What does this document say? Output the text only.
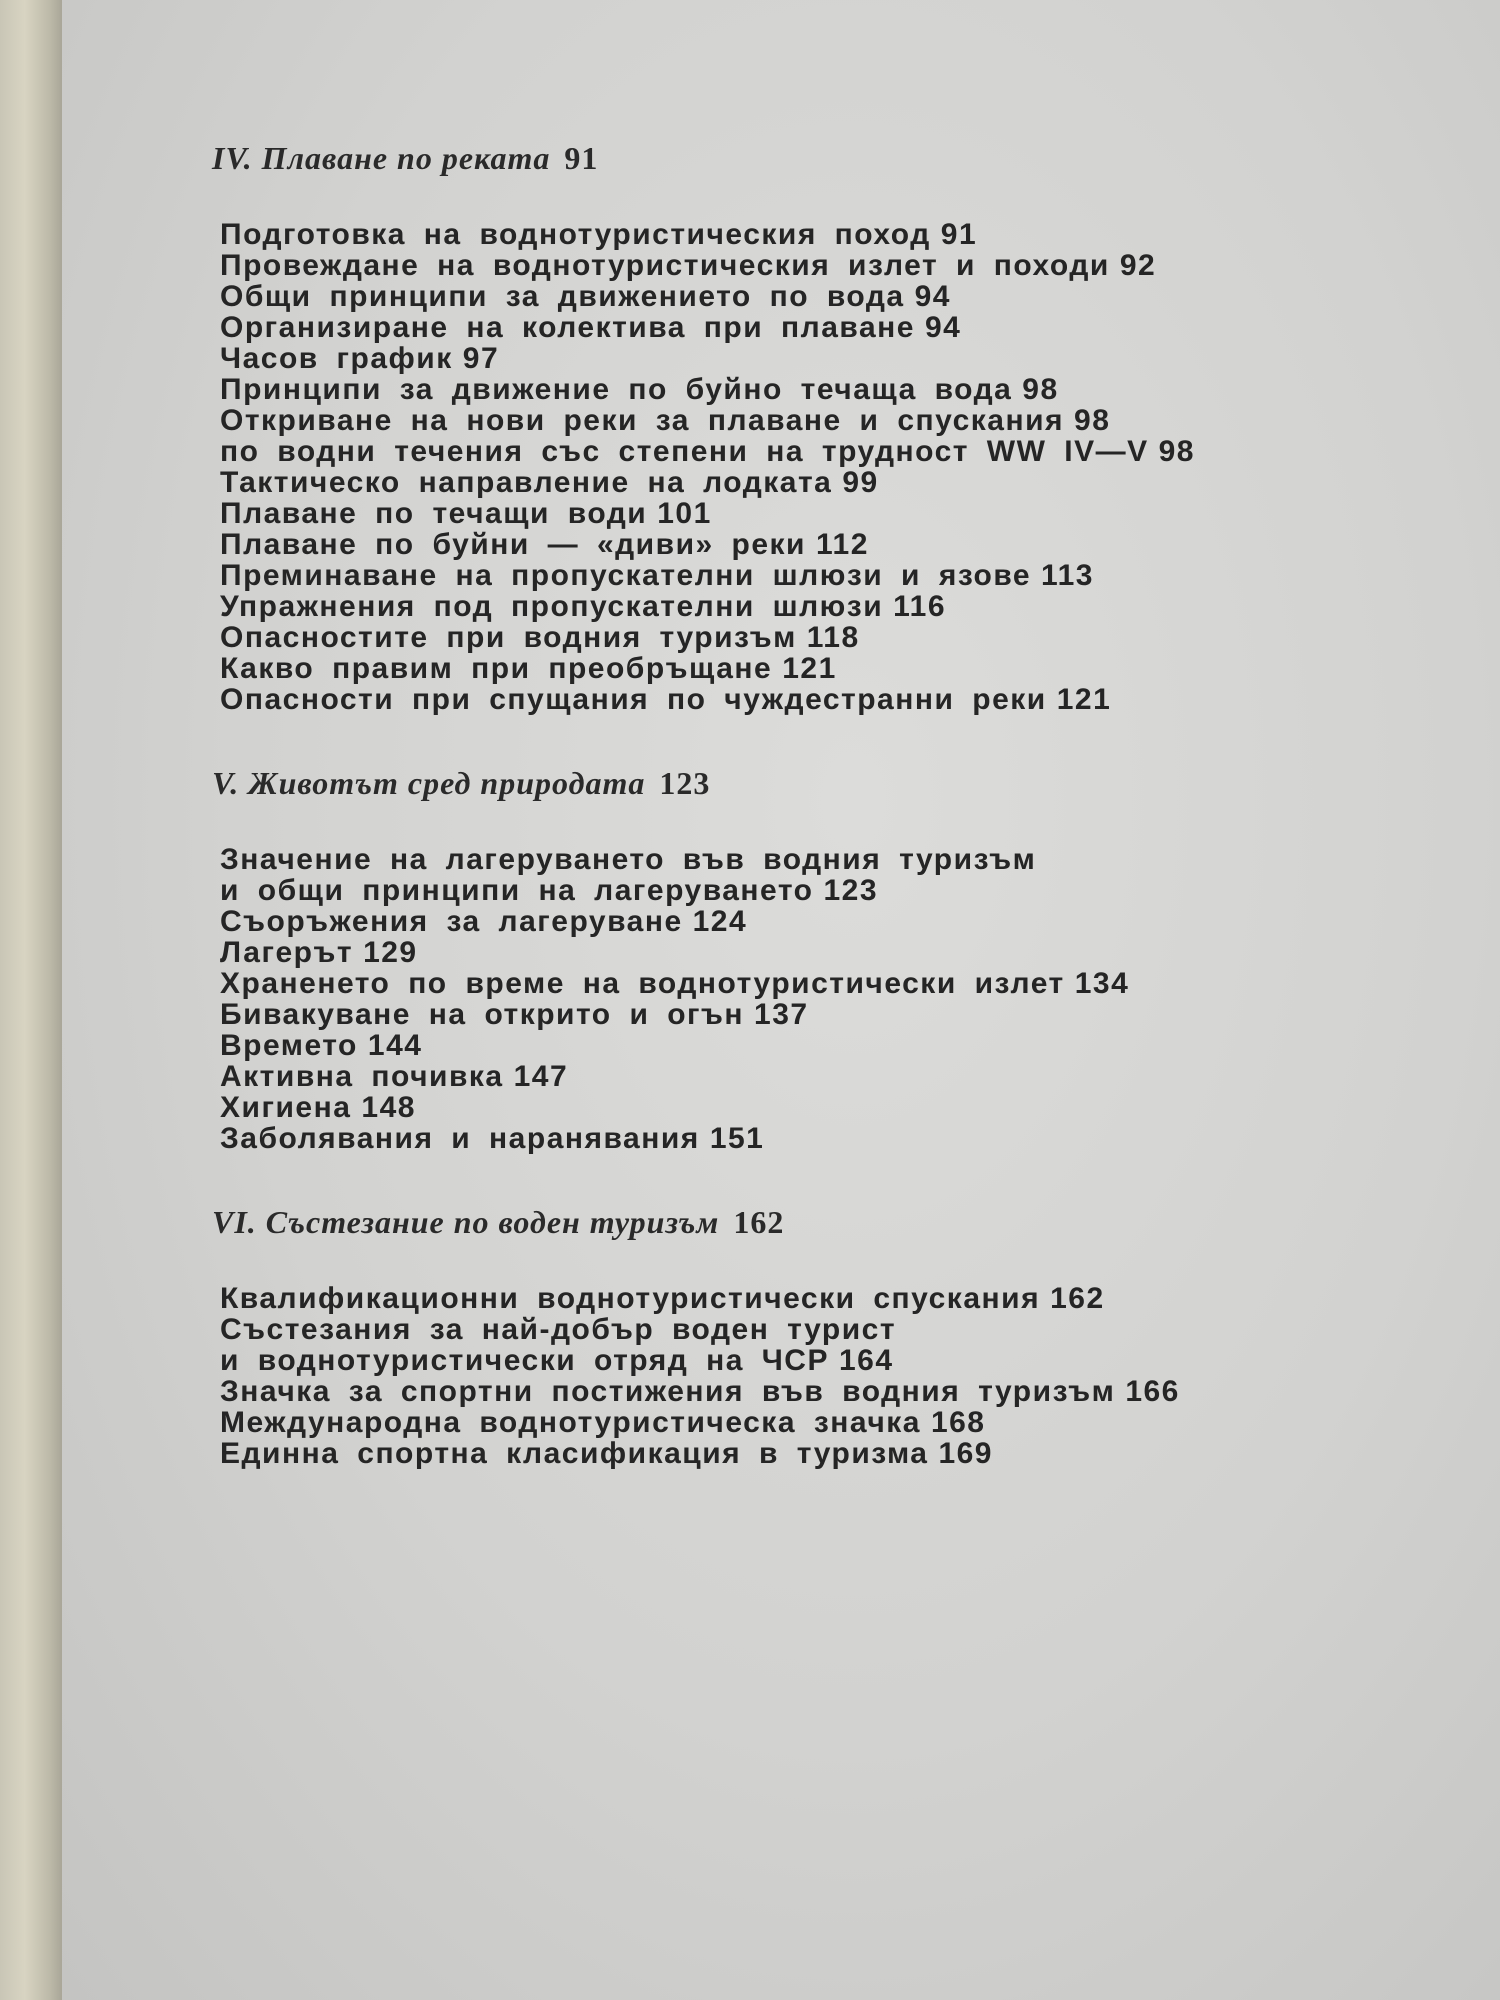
IV. Плаване по реката 91

Подготовка на воднотуристическия поход 91
Провеждане на воднотуристическия излет и походи 92
Общи принципи за движението по вода 94
Организиране на колектива при плаване 94
Часов график 97
Принципи за движение по буйно течаща вода 98
Откриване на нови реки за плаване и спускания 98
по водни течения със степени на трудност WW IV—V 98
Тактическо направление на лодката 99
Плаване по течащи води 101
Плаване по буйни — «диви» реки 112
Преминаване на пропускателни шлюзи и язове 113
Упражнения под пропускателни шлюзи 116
Опасностите при водния туризъм 118
Какво правим при преобръщане 121
Опасности при спущания по чуждестранни реки 121

V. Животът сред природата 123

Значение на лагеруването във водния туризъм
и общи принципи на лагеруването 123
Съоръжения за лагеруване 124
Лагерът 129
Храненето по време на воднотуристически излет 134
Бивакуване на открито и огън 137
Времето 144
Активна почивка 147
Хигиена 148
Заболявания и наранявания 151

VI. Състезание по воден туризъм 162

Квалификационни воднотуристически спускания 162
Състезания за най-добър воден турист
и воднотуристически отряд на ЧСР 164
Значка за спортни постижения във водния туризъм 166
Международна воднотуристическа значка 168
Единна спортна класификация в туризма 169
